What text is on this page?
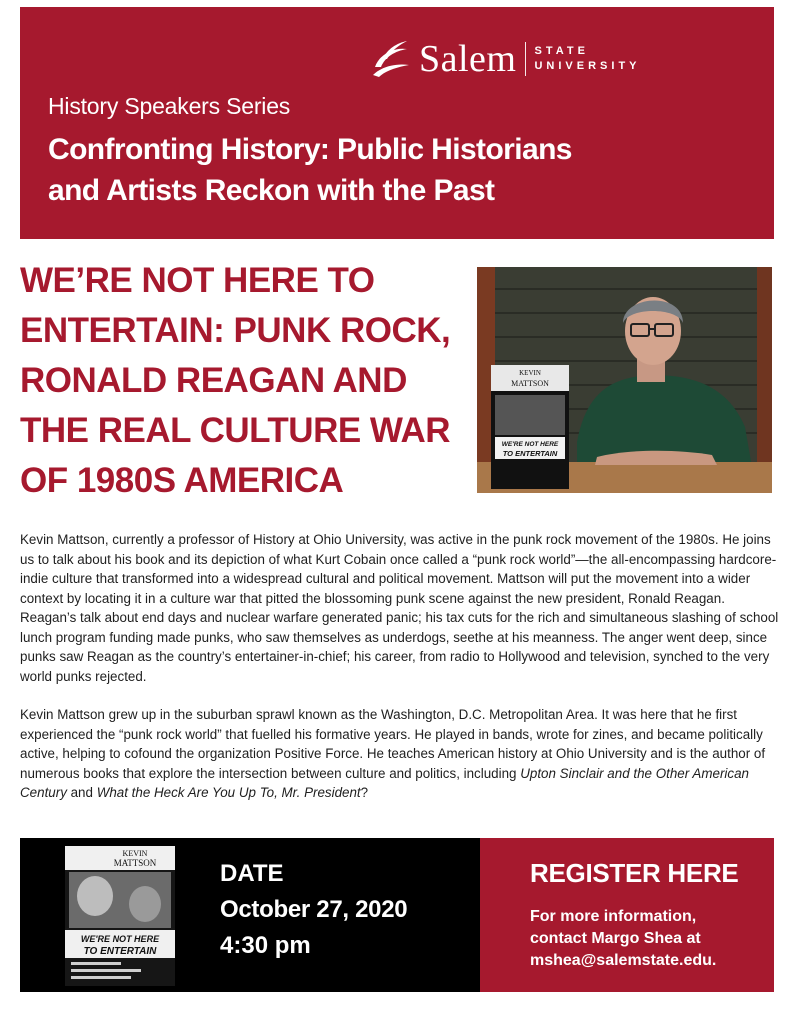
Salem STATE
UNIVERSITY
History Speakers Series
Confronting History: Public Historians
and Artists Reckon with the Past
WE’RE NOT HERE TO
ENTERTAIN: PUNK ROCK,
RONALD REAGAN AND
THE REAL CULTURE WAR
OF 1980S AMERICA
KEVIN
MATTSON
WE'RE NOT HERE
TO ENTERTAIN

Kevin Mattson, currently a professor of History at Ohio University, was active in the punk rock movement of the 1980s. He joins us to talk about his book and its depiction of what Kurt Cobain once called a “punk rock world”—the all-encompassing hardcore-indie culture that transformed into a widespread cultural and political movement. Mattson will put the movement into a wider context by locating it in a culture war that pitted the blossoming punk scene against the new president, Ronald Reagan. Reagan’s talk about end days and nuclear warfare generated panic; his tax cuts for the rich and simultaneous slashing of school lunch program funding made punks, who saw themselves as underdogs, seethe at his meanness. The anger went deep, since punks saw Reagan as the country’s entertainer-in-chief; his career, from radio to Hollywood and television, synched to the very world punks rejected.

Kevin Mattson grew up in the suburban sprawl known as the Washington, D.C. Metropolitan Area. It was here that he first experienced the “punk rock world” that fuelled his formative years. He played in bands, wrote for zines, and became politically active, helping to cofound the organization Positive Force. He teaches American history at Ohio University and is the author of numerous books that explore the intersection between culture and politics, including Upton Sinclair and the Other American Century and What the Heck Are You Up To, Mr. President?

KEVIN
MATTSON
WE'RE NOT HERE
TO ENTERTAIN
DATE
October 27, 2020
4:30 pm
REGISTER HERE
For more information,
contact Margo Shea at
mshea@salemstate.edu.
